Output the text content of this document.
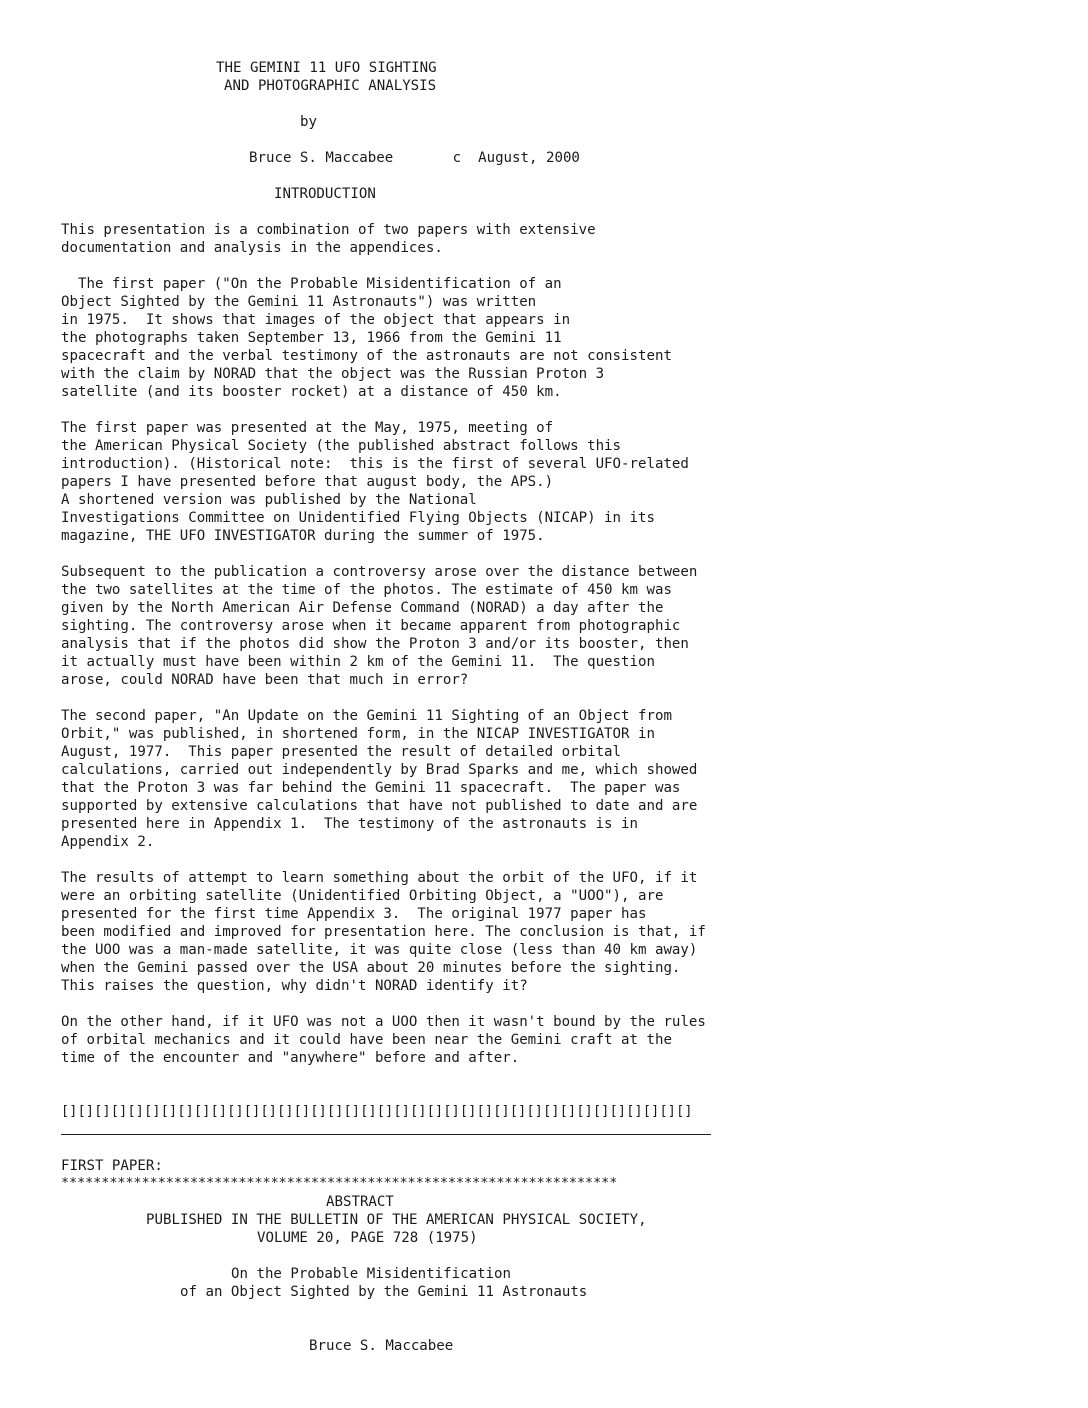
THE GEMINI 11 UFO SIGHTING
AND PHOTOGRAPHIC ANALYSIS
by
Bruce S. Maccabee       c  August, 2000
INTRODUCTION
This presentation is a combination of two papers with extensive
documentation and analysis in the appendices.
The first paper ("On the Probable Misidentification of an
Object Sighted by the Gemini 11 Astronauts") was written
in 1975.  It shows that images of the object that appears in
the photographs taken September 13, 1966 from the Gemini 11
spacecraft and the verbal testimony of the astronauts are not consistent
with the claim by NORAD that the object was the Russian Proton 3
satellite (and its booster rocket) at a distance of 450 km.
The first paper was presented at the May, 1975, meeting of
the American Physical Society (the published abstract follows this
introduction). (Historical note:  this is the first of several UFO-related
papers I have presented before that august body, the APS.)
A shortened version was published by the National
Investigations Committee on Unidentified Flying Objects (NICAP) in its
magazine, THE UFO INVESTIGATOR during the summer of 1975.
Subsequent to the publication a controversy arose over the distance between
the two satellites at the time of the photos. The estimate of 450 km was
given by the North American Air Defense Command (NORAD) a day after the
sighting. The controversy arose when it became apparent from photographic
analysis that if the photos did show the Proton 3 and/or its booster, then
it actually must have been within 2 km of the Gemini 11.  The question
arose, could NORAD have been that much in error?
The second paper, "An Update on the Gemini 11 Sighting of an Object from
Orbit," was published, in shortened form, in the NICAP INVESTIGATOR in
August, 1977.  This paper presented the result of detailed orbital
calculations, carried out independently by Brad Sparks and me, which showed
that the Proton 3 was far behind the Gemini 11 spacecraft.  The paper was
supported by extensive calculations that have not published to date and are
presented here in Appendix 1.  The testimony of the astronauts is in
Appendix 2.
The results of attempt to learn something about the orbit of the UFO, if it
were an orbiting satellite (Unidentified Orbiting Object, a "UOO"), are
presented for the first time Appendix 3.  The original 1977 paper has
been modified and improved for presentation here. The conclusion is that, if
the UOO was a man-made satellite, it was quite close (less than 40 km away)
when the Gemini passed over the USA about 20 minutes before the sighting.
This raises the question, why didn't NORAD identify it?
On the other hand, if it UFO was not a UOO then it wasn't bound by the rules
of orbital mechanics and it could have been near the Gemini craft at the
time of the encounter and "anywhere" before and after.
[][][][][][][][][][][][][][][][][][][][][][][][][][][][][][][][][][][][][][]
FIRST PAPER:
*********************************************************************
ABSTRACT
PUBLISHED IN THE BULLETIN OF THE AMERICAN PHYSICAL SOCIETY,
VOLUME 20, PAGE 728 (1975)
On the Probable Misidentification
of an Object Sighted by the Gemini 11 Astronauts
Bruce S. Maccabee
